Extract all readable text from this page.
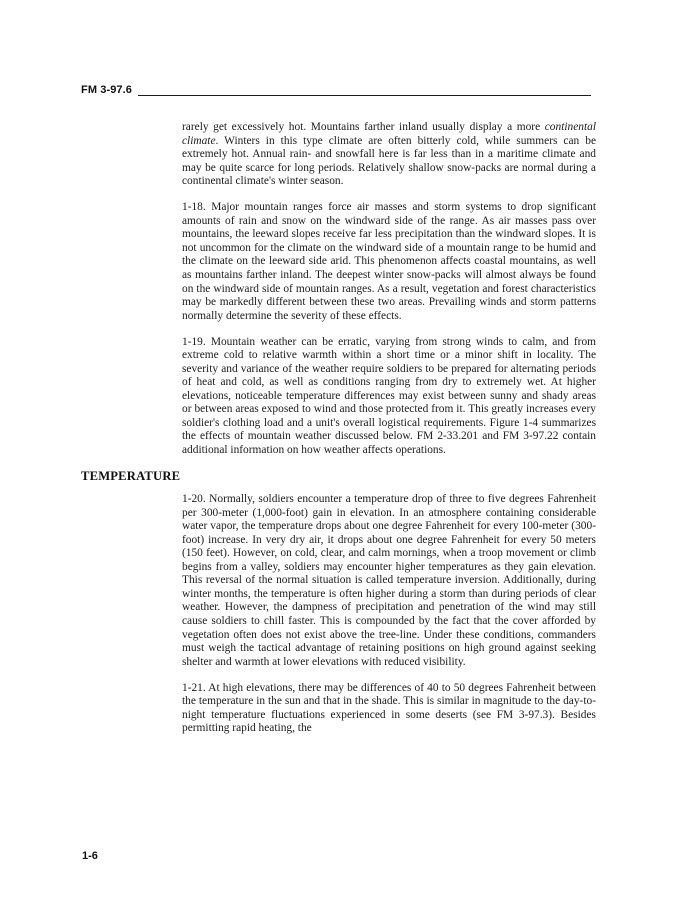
FM 3-97.6

rarely get excessively hot. Mountains farther inland usually display a more continental climate. Winters in this type climate are often bitterly cold, while summers can be extremely hot. Annual rain- and snowfall here is far less than in a maritime climate and may be quite scarce for long periods. Relatively shallow snow-packs are normal during a continental climate's winter season.

1-18. Major mountain ranges force air masses and storm systems to drop significant amounts of rain and snow on the windward side of the range. As air masses pass over mountains, the leeward slopes receive far less precipitation than the windward slopes. It is not uncommon for the climate on the windward side of a mountain range to be humid and the climate on the leeward side arid. This phenomenon affects coastal mountains, as well as mountains farther inland. The deepest winter snow-packs will almost always be found on the windward side of mountain ranges. As a result, vegetation and forest characteristics may be markedly different between these two areas. Prevailing winds and storm patterns normally determine the severity of these effects.

1-19. Mountain weather can be erratic, varying from strong winds to calm, and from extreme cold to relative warmth within a short time or a minor shift in locality. The severity and variance of the weather require soldiers to be prepared for alternating periods of heat and cold, as well as conditions ranging from dry to extremely wet. At higher elevations, noticeable temperature differences may exist between sunny and shady areas or between areas exposed to wind and those protected from it. This greatly increases every soldier's clothing load and a unit's overall logistical requirements. Figure 1-4 summarizes the effects of mountain weather discussed below. FM 2-33.201 and FM 3-97.22 contain additional information on how weather affects operations.

TEMPERATURE

1-20. Normally, soldiers encounter a temperature drop of three to five degrees Fahrenheit per 300-meter (1,000-foot) gain in elevation. In an atmosphere containing considerable water vapor, the temperature drops about one degree Fahrenheit for every 100-meter (300-foot) increase. In very dry air, it drops about one degree Fahrenheit for every 50 meters (150 feet). However, on cold, clear, and calm mornings, when a troop movement or climb begins from a valley, soldiers may encounter higher temperatures as they gain elevation. This reversal of the normal situation is called temperature inversion. Additionally, during winter months, the temperature is often higher during a storm than during periods of clear weather. However, the dampness of precipitation and penetration of the wind may still cause soldiers to chill faster. This is compounded by the fact that the cover afforded by vegetation often does not exist above the tree-line. Under these conditions, commanders must weigh the tactical advantage of retaining positions on high ground against seeking shelter and warmth at lower elevations with reduced visibility.

1-21. At high elevations, there may be differences of 40 to 50 degrees Fahrenheit between the temperature in the sun and that in the shade. This is similar in magnitude to the day-to-night temperature fluctuations experienced in some deserts (see FM 3-97.3). Besides permitting rapid heating, the

1-6
